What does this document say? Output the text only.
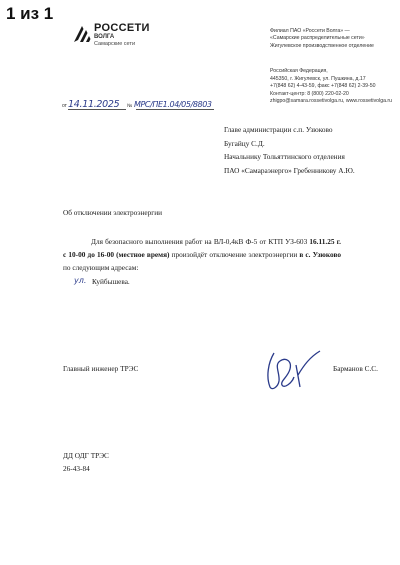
1 из 1
РОССЕТИ
ВОЛГА
Самарские сети
Филиал ПАО «Россети Волга» —
«Самарские распределительные сети»
Жигулевское производственное отделение
Российская Федерация,
445350, г. Жигулевск, ул. Пушкина, д.17
+7(848 62) 4-43-59, факс +7(848 62) 2-39-50
Контакт-центр: 8 (800) 220-02-20
zhigpo@samara.rossetivolga.ru, www.rossetivolga.ru
от 14.11.2025 № МРС/ПЕ1.04/05/8803
Главе администрации с.п. Узюково
Бугайцу С.Д.
Начальнику Тольяттинского отделения
ПАО «Самараэнерго» Гребенникову А.Ю.
Об отключении электроэнергии
Для безопасного выполнения работ на ВЛ-0,4кВ Ф-5 от КТП УЗ-603 16.11.25 г. с 10-00 до 16-00 (местное время) произойдёт отключение электроэнергии в с. Узюково по следующим адресам:
Куйбышева.
ул.
Главный инженер ТРЭС	Барманов С.С.
ДД ОДГ ТРЭС
26-43-84
